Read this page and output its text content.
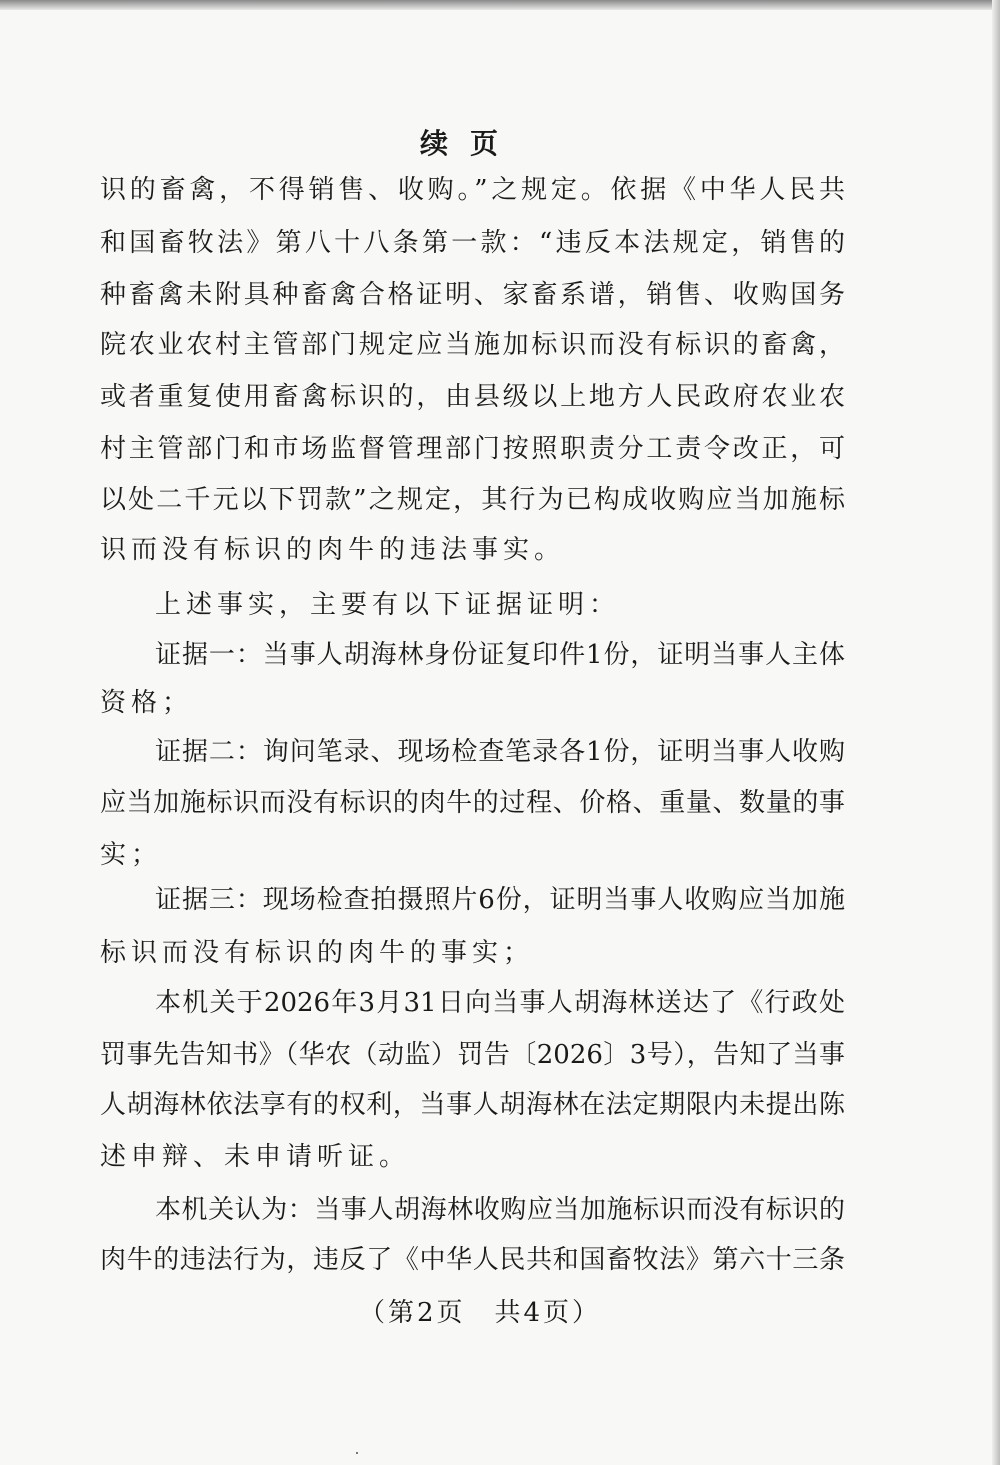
续页
识的畜禽，不得销售、收购。”之规定。依据《中华人民共
和国畜牧法》第八十八条第一款：“违反本法规定，销售的
种畜禽未附具种畜禽合格证明、家畜系谱，销售、收购国务
院农业农村主管部门规定应当施加标识而没有标识的畜禽，
或者重复使用畜禽标识的，由县级以上地方人民政府农业农
村主管部门和市场监督管理部门按照职责分工责令改正，可
以处二千元以下罚款”之规定，其行为已构成收购应当加施标
识而没有标识的肉牛的违法事实。
上述事实，主要有以下证据证明：
证据一：当事人胡海林身份证复印件1份，证明当事人主体
资格；
证据二：询问笔录、现场检查笔录各1份，证明当事人收购
应当加施标识而没有标识的肉牛的过程、价格、重量、数量的事
实；
证据三：现场检查拍摄照片6份，证明当事人收购应当加施
标识而没有标识的肉牛的事实；
本机关于2026年3月31日向当事人胡海林送达了《行政处
罚事先告知书》（华农（动监）罚告〔2026〕3号），告知了当事
人胡海林依法享有的权利，当事人胡海林在法定期限内未提出陈
述申辩、未申请听证。
本机关认为：当事人胡海林收购应当加施标识而没有标识的
肉牛的违法行为，违反了《中华人民共和国畜牧法》第六十三条
（第2页　共4页）
